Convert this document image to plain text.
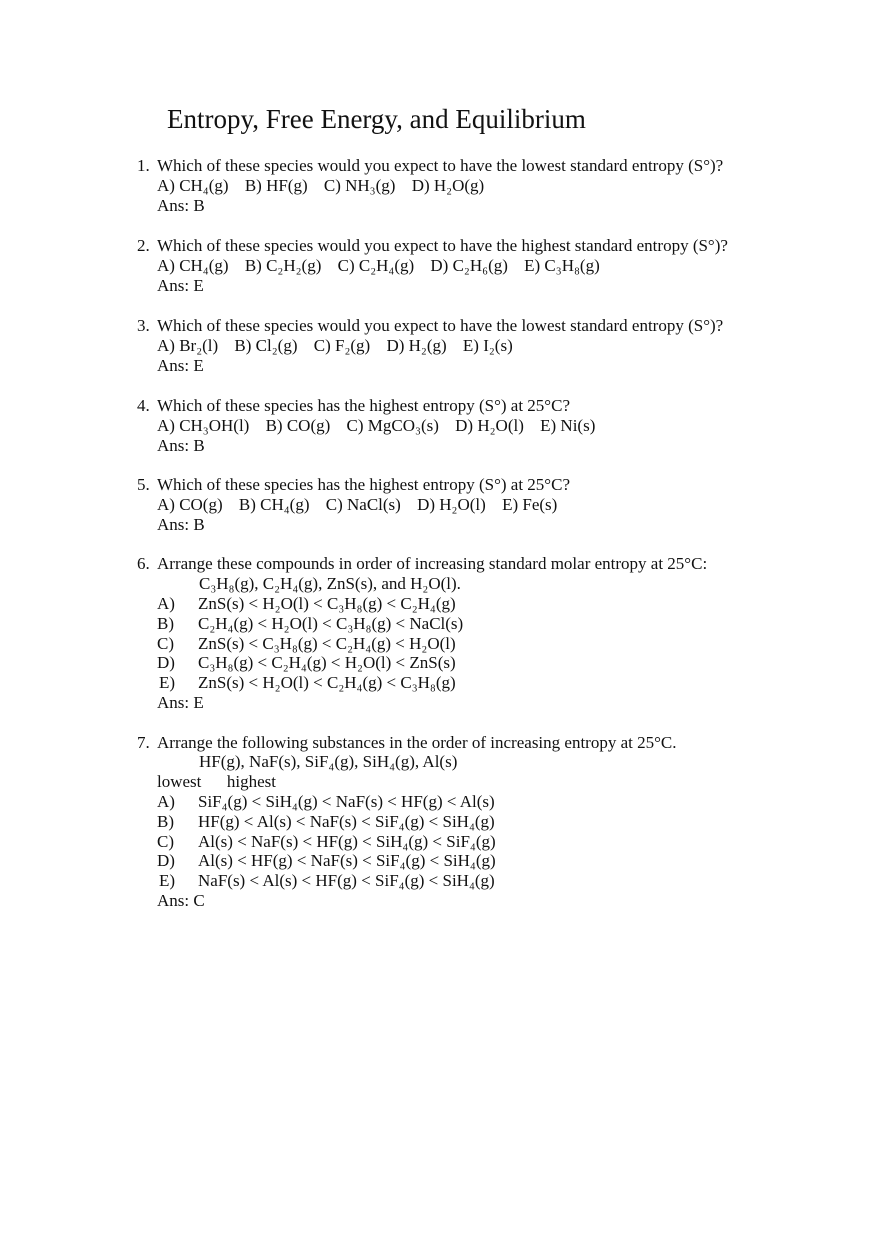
Entropy, Free Energy, and Equilibrium
1. Which of these species would you expect to have the lowest standard entropy (S°)?
A) CH₄(g) B) HF(g) C) NH₃(g) D) H₂O(g)
Ans: B
2. Which of these species would you expect to have the highest standard entropy (S°)?
A) CH₄(g) B) C₂H₂(g) C) C₂H₄(g) D) C₂H₆(g) E) C₃H₈(g)
Ans: E
3. Which of these species would you expect to have the lowest standard entropy (S°)?
A) Br₂(l) B) Cl₂(g) C) F₂(g) D) H₂(g) E) I₂(s)
Ans: E
4. Which of these species has the highest entropy (S°) at 25°C?
A) CH₃OH(l) B) CO(g) C) MgCO₃(s) D) H₂O(l) E) Ni(s)
Ans: B
5. Which of these species has the highest entropy (S°) at 25°C?
A) CO(g) B) CH₄(g) C) NaCl(s) D) H₂O(l) E) Fe(s)
Ans: B
6. Arrange these compounds in order of increasing standard molar entropy at 25°C:
C₃H₈(g), C₂H₄(g), ZnS(s), and H₂O(l).
A) ZnS(s) < H₂O(l) < C₃H₈(g) < C₂H₄(g)
B) C₂H₄(g) < H₂O(l) < C₃H₈(g) < NaCl(s)
C) ZnS(s) < C₃H₈(g) < C₂H₄(g) < H₂O(l)
D) C₃H₈(g) < C₂H₄(g) < H₂O(l) < ZnS(s)
E) ZnS(s) < H₂O(l) < C₂H₄(g) < C₃H₈(g)
Ans: E
7. Arrange the following substances in the order of increasing entropy at 25°C.
HF(g), NaF(s), SiF₄(g), SiH₄(g), Al(s)
lowest      highest
A) SiF₄(g) < SiH₄(g) < NaF(s) < HF(g) < Al(s)
B) HF(g) < Al(s) < NaF(s) < SiF₄(g) < SiH₄(g)
C) Al(s) < NaF(s) < HF(g) < SiH₄(g) < SiF₄(g)
D) Al(s) < HF(g) < NaF(s) < SiF₄(g) < SiH₄(g)
E) NaF(s) < Al(s) < HF(g) < SiF₄(g) < SiH₄(g)
Ans: C
